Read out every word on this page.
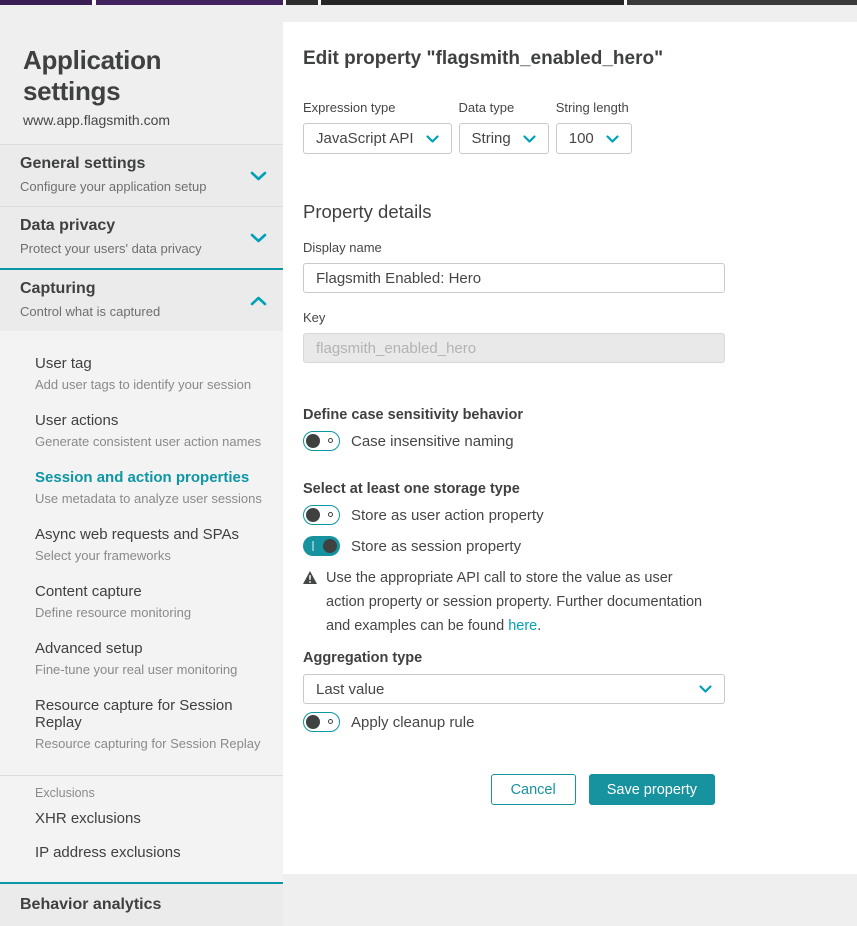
Application settings
www.app.flagsmith.com
General settings
Configure your application setup
Data privacy
Protect your users' data privacy
Capturing
Control what is captured
User tag
Add user tags to identify your session
User actions
Generate consistent user action names
Session and action properties
Use metadata to analyze user sessions
Async web requests and SPAs
Select your frameworks
Content capture
Define resource monitoring
Advanced setup
Fine-tune your real user monitoring
Resource capture for Session Replay
Resource capturing for Session Replay
Exclusions
XHR exclusions
IP address exclusions
Behavior analytics
Edit property "flagsmith_enabled_hero"
Expression type
JavaScript API
Data type
String
String length
100
Property details
Display name
Flagsmith Enabled: Hero
Key
flagsmith_enabled_hero
Define case sensitivity behavior
Case insensitive naming
Select at least one storage type
Store as user action property
Store as session property
Use the appropriate API call to store the value as user action property or session property. Further documentation and examples can be found here.
Aggregation type
Last value
Apply cleanup rule
Cancel	Save property
